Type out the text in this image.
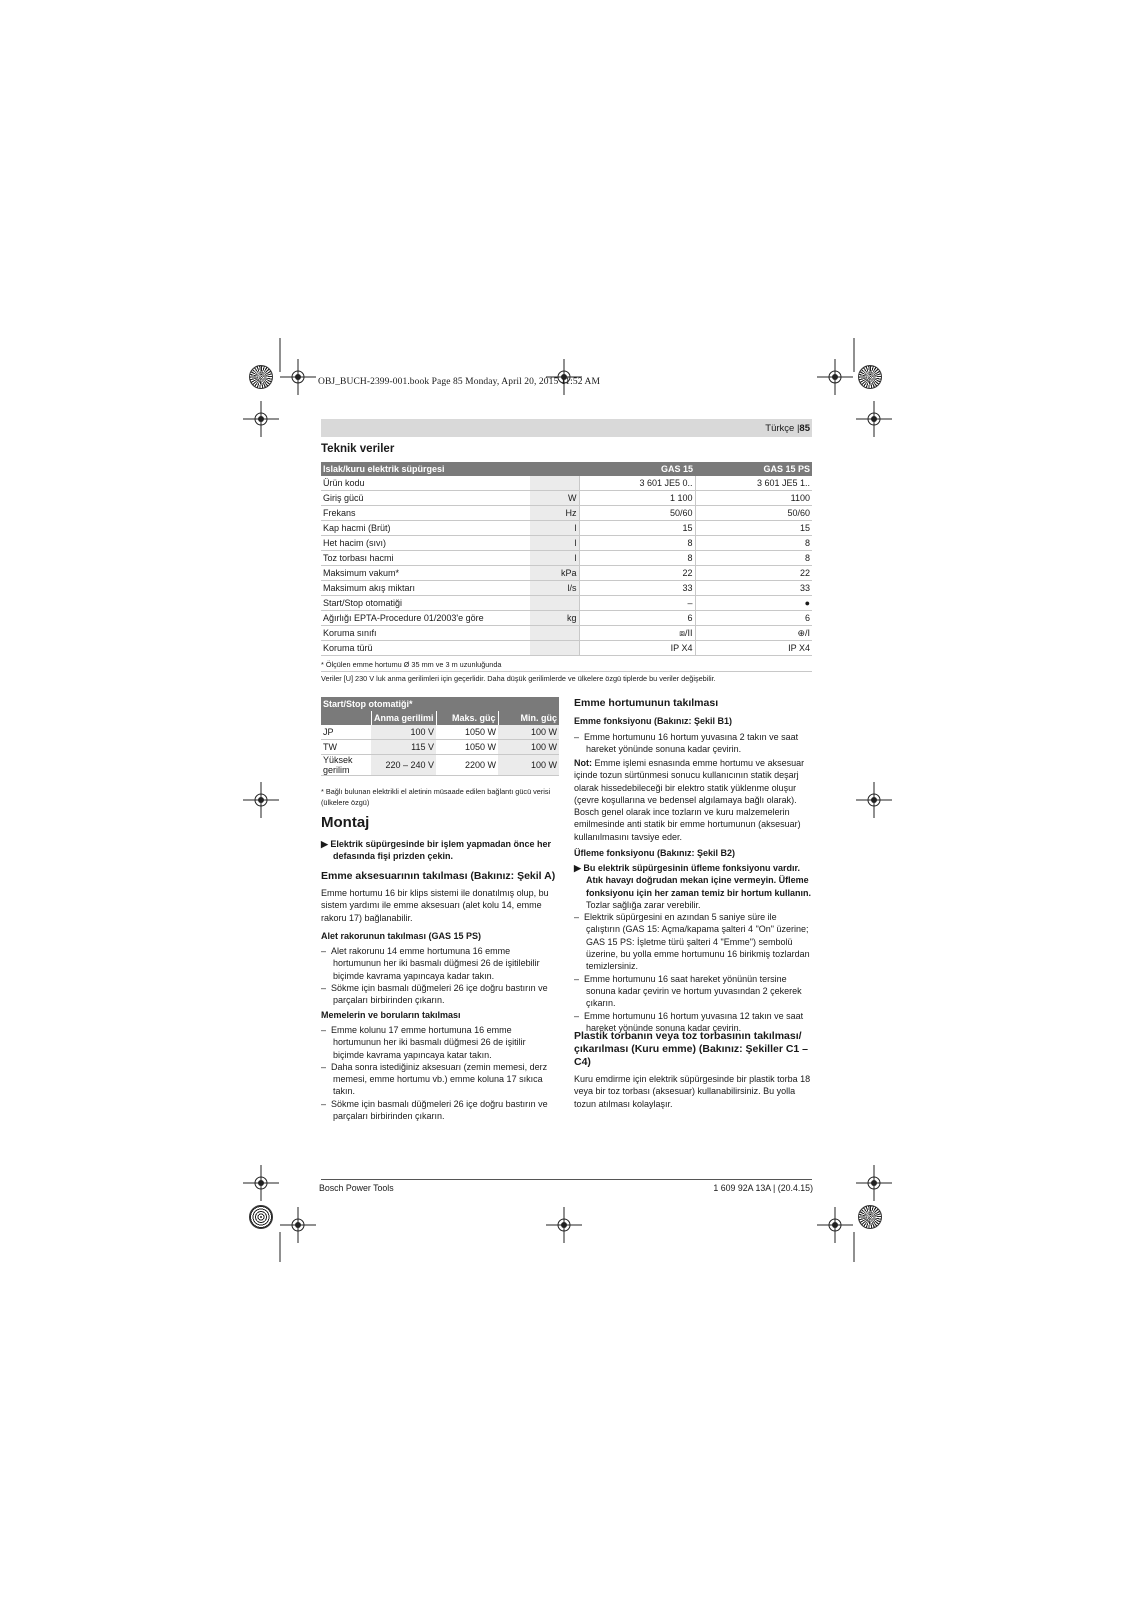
OBJ_BUCH-2399-001.book Page 85 Monday, April 20, 2015 11:52 AM
Türkçe |85
Teknik veriler
Islak/kuru elektrik süpürgesi		GAS 15	GAS 15 PS
Ürün kodu		3 601 JE5 0..	3 601 JE5 1..
Giriş gücü	W	1 100	1100
Frekans	Hz	50/60	50/60
Kap hacmi (Brüt)	l	15	15
Het hacim (sıvı)	l	8	8
Toz torbası hacmi	l	8	8
Maksimum vakum*	kPa	22	22
Maksimum akış miktarı	l/s	33	33
Start/Stop otomatiği		–	●
Ağırlığı EPTA-Procedure 01/2003'e göre	kg	6	6
Koruma sınıfı		⧈/II	⊕/I
Koruma türü		IP X4	IP X4
* Ölçülen emme hortumu Ø 35 mm ve 3 m uzunluğunda
Veriler [U] 230 V luk anma gerilimleri için geçerlidir. Daha düşük gerilimlerde ve ülkelere özgü tiplerde bu veriler değişebilir.
Start/Stop otomatiği*			
	Anma gerilimi	Maks. güç	Min. güç
JP	100 V	1050 W	100 W
TW	115 V	1050 W	100 W
Yüksek gerilim	220 – 240 V	2200 W	100 W
* Bağlı bulunan elektrikli el aletinin müsaade edilen bağlantı gücü verisi (ülkelere özgü)
Montaj

▶ Elektrik süpürgesinde bir işlem yapmadan önce her defasında fişi prizden çekin.

Emme aksesuarının takılması (Bakınız: Şekil A)
Emme hortumu 16 bir klips sistemi ile donatılmış olup, bu sistem yardımı ile emme aksesuarı (alet kolu 14, emme rakoru 17) bağlanabilir.
Alet rakorunun takılması (GAS 15 PS)

–  Alet rakorunu 14 emme hortumuna 16 emme hortumunun her iki basmalı düğmesi 26 de işitilebilir biçimde kavrama yapıncaya kadar takın.

–  Sökme için basmalı düğmeleri 26 içe doğru bastırın ve parçaları birbirinden çıkarın.

Memelerin ve boruların takılması

–  Emme kolunu 17 emme hortumuna 16 emme hortumunun her iki basmalı düğmesi 26 de işitilir biçimde kavrama yapıncaya katar takın.

–  Daha sonra istediğiniz aksesuarı (zemin memesi, derz memesi, emme hortumu vb.) emme koluna 17 sıkıca takın.

–  Sökme için basmalı düğmeleri 26 içe doğru bastırın ve parçaları birbirinden çıkarın.

Emme hortumunun takılması
Emme fonksiyonu (Bakınız: Şekil B1)

–  Emme hortumunu 16 hortum yuvasına 2 takın ve saat hareket yönünde sonuna kadar çevirin.

Not: Emme işlemi esnasında emme hortumu ve aksesuar içinde tozun sürtünmesi sonucu kullanıcının statik deşarj olarak hissedebileceği bir elektro statik yüklenme oluşur (çevre koşullarına ve bedensel algılamaya bağlı olarak).

Bosch genel olarak ince tozların ve kuru malzemelerin emilmesinde anti statik bir emme hortumunun (aksesuar) kullanılmasını tavsiye eder.

Üfleme fonksiyonu (Bakınız: Şekil B2)

▶ Bu elektrik süpürgesinin üfleme fonksiyonu vardır. Atık havayı doğrudan mekan içine vermeyin. Üfleme fonksiyonu için her zaman temiz bir hortum kullanın.

Tozlar sağlığa zarar verebilir.

–  Elektrik süpürgesini en azından 5 saniye süre ile çalıştırın (GAS 15: Açma/kapama şalteri 4 "On" üzerine; GAS 15 PS: İşletme türü şalteri 4 "Emme") sembolü üzerine, bu yolla emme hortumunu 16 birikmiş tozlardan temizlersiniz.

–  Emme hortumunu 16 saat hareket yönünün tersine sonuna kadar çevirin ve hortum yuvasından 2 çekerek çıkarın.

–  Emme hortumunu 16 hortum yuvasına 12 takın ve saat hareket yönünde sonuna kadar çevirin.

Plastik torbanın veya toz torbasının takılması/çıkarılması (Kuru emme) (Bakınız: Şekiller C1 – C4)
Kuru emdirme için elektrik süpürgesinde bir plastik torba 18 veya bir toz torbası (aksesuar) kullanabilirsiniz. Bu yolla tozun atılması kolaylaşır.
Bosch Power Tools	1 609 92A 13A | (20.4.15)
